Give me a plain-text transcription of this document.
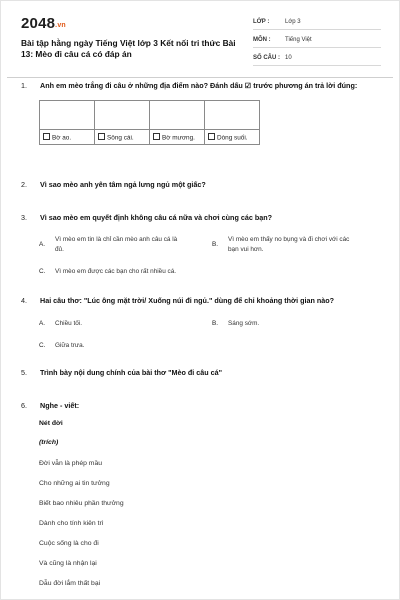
2048.vn
Bài tập hằng ngày Tiếng Việt lớp 3 Kết nối tri thức Bài 13: Mèo đi câu cá có đáp án
LỚP :	Lớp 3
MÔN :	Tiếng Việt
SỐ CÂU : 10
1. Anh em mèo trắng đi câu ở những địa điểm nào? Đánh dấu ☑ trước phương án trả lời đúng:

Bờ ao.	Sông cái.	Bờ mương.	Dòng suối.
2. Vì sao mèo anh yên tâm ngả lưng ngủ một giấc?
3. Vì sao mèo em quyết định không câu cá nữa và chơi cùng các bạn?
A.
Vì mèo em tin là chỉ cần mèo anh câu cá là
đủ.
B.
Vì mèo em thấy no bụng và đi chơi với các
bạn vui hơn.
C. Vì mèo em được các bạn cho rất nhiều cá.
4. Hai câu thơ: "Lúc ông mặt trời/ Xuống núi đi ngủ." dùng để chỉ khoảng thời gian nào?
A. Chiều tối.	B. Sáng sớm.
C. Giữa trưa.
5. Trình bày nội dung chính của bài thơ "Mèo đi câu cá"
6. Nghe - viết:
Nét đời
(trích)
Đời vẫn là phép mầu
Cho những ai tin tưởng
Biết bao nhiêu phần thưởng
Dành cho tính kiên trì
Cuộc sống là cho đi
Và cũng là nhận lại
Dẫu đời lắm thất bại
